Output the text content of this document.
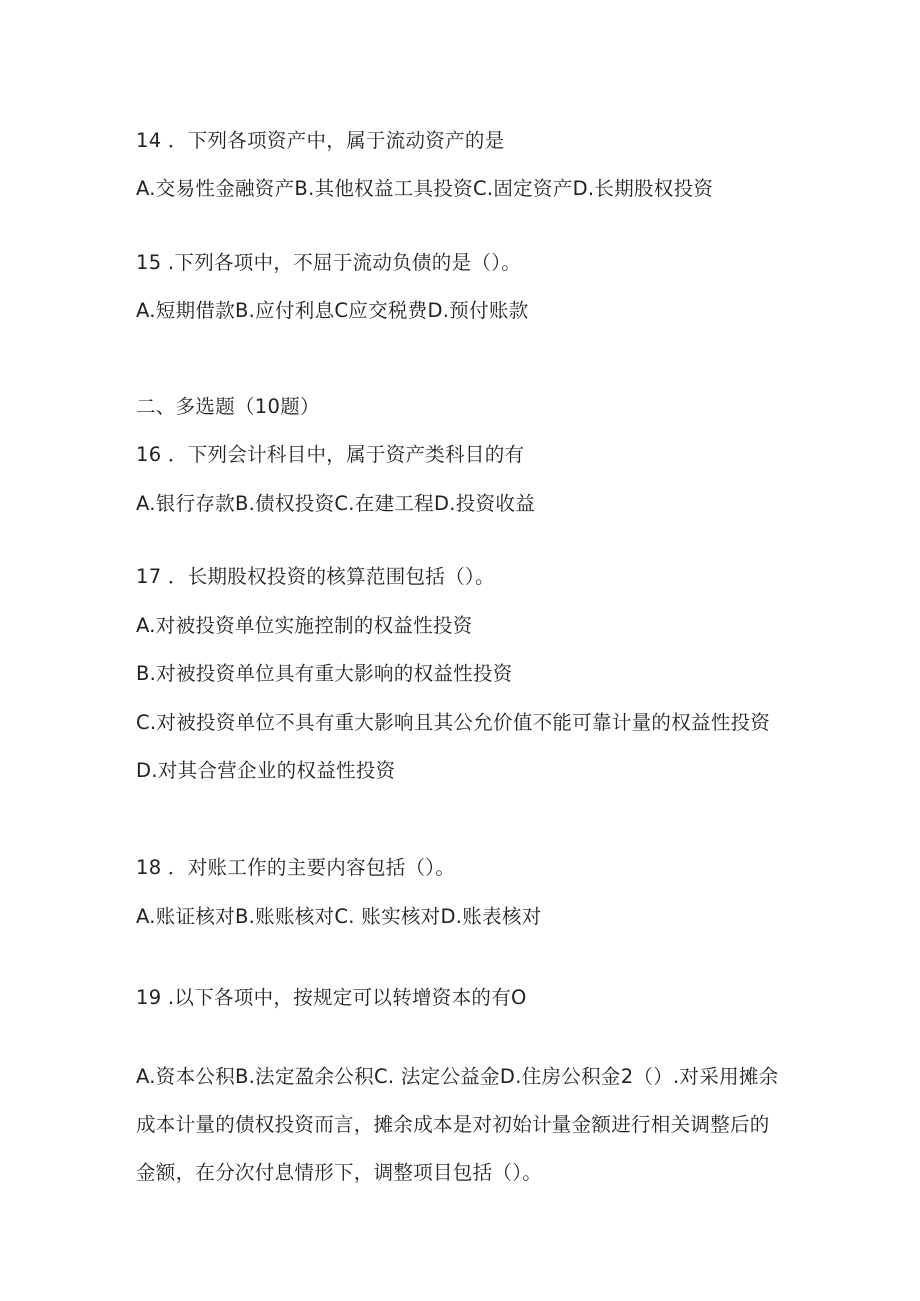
14 ．下列各项资产中，属于流动资产的是
A.交易性金融资产B.其他权益工具投资C.固定资产D.长期股权投资
15 .下列各项中，不屈于流动负债的是（）。
A.短期借款B.应付利息C应交税费D.预付账款
二、多选题（10题）
16 ．下列会计科目中，属于资产类科目的有
A.银行存款B.债权投资C.在建工程D.投资收益
17 ．长期股权投资的核算范围包括（）。
A.对被投资单位实施控制的权益性投资
B.对被投资单位具有重大影响的权益性投资
C.对被投资单位不具有重大影响且其公允价值不能可靠计量的权益性投资
D.对其合营企业的权益性投资
18 ．对账工作的主要内容包括（）。
A.账证核对B.账账核对C. 账实核对D.账表核对
19 .以下各项中，按规定可以转增资本的有O
A.资本公积B.法定盈余公积C. 法定公益金D.住房公积金2（）.对采用摊余
成本计量的债权投资而言，摊余成本是对初始计量金额进行相关调整后的
金额，在分次付息情形下，调整项目包括（）。
